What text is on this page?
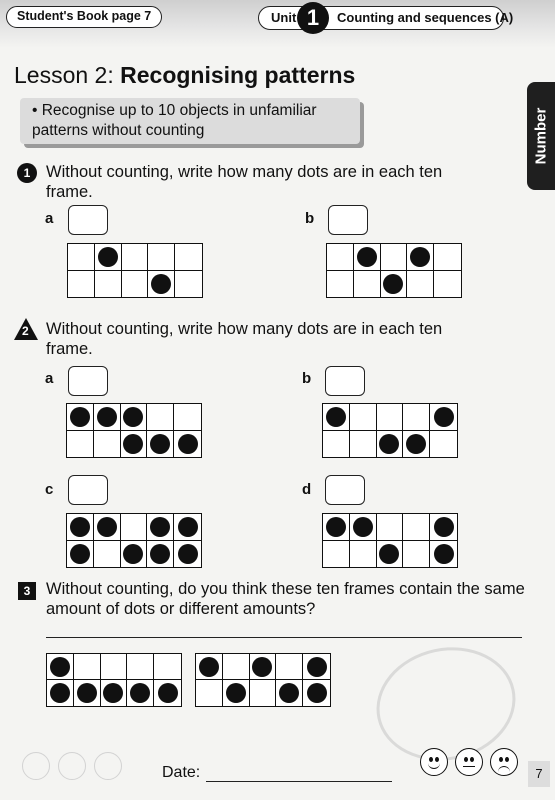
Student's Book page 7	Unit 1	Counting and sequences (A)
Number
Lesson 2: Recognising patterns
• Recognise up to 10 objects in unfamiliar patterns without counting
1 Without counting, write how many dots are in each ten frame.
a	b
2 Without counting, write how many dots are in each ten frame.
a	b
c	d
3 Without counting, do you think these ten frames contain the same amount of dots or different amounts?
Date:	7
